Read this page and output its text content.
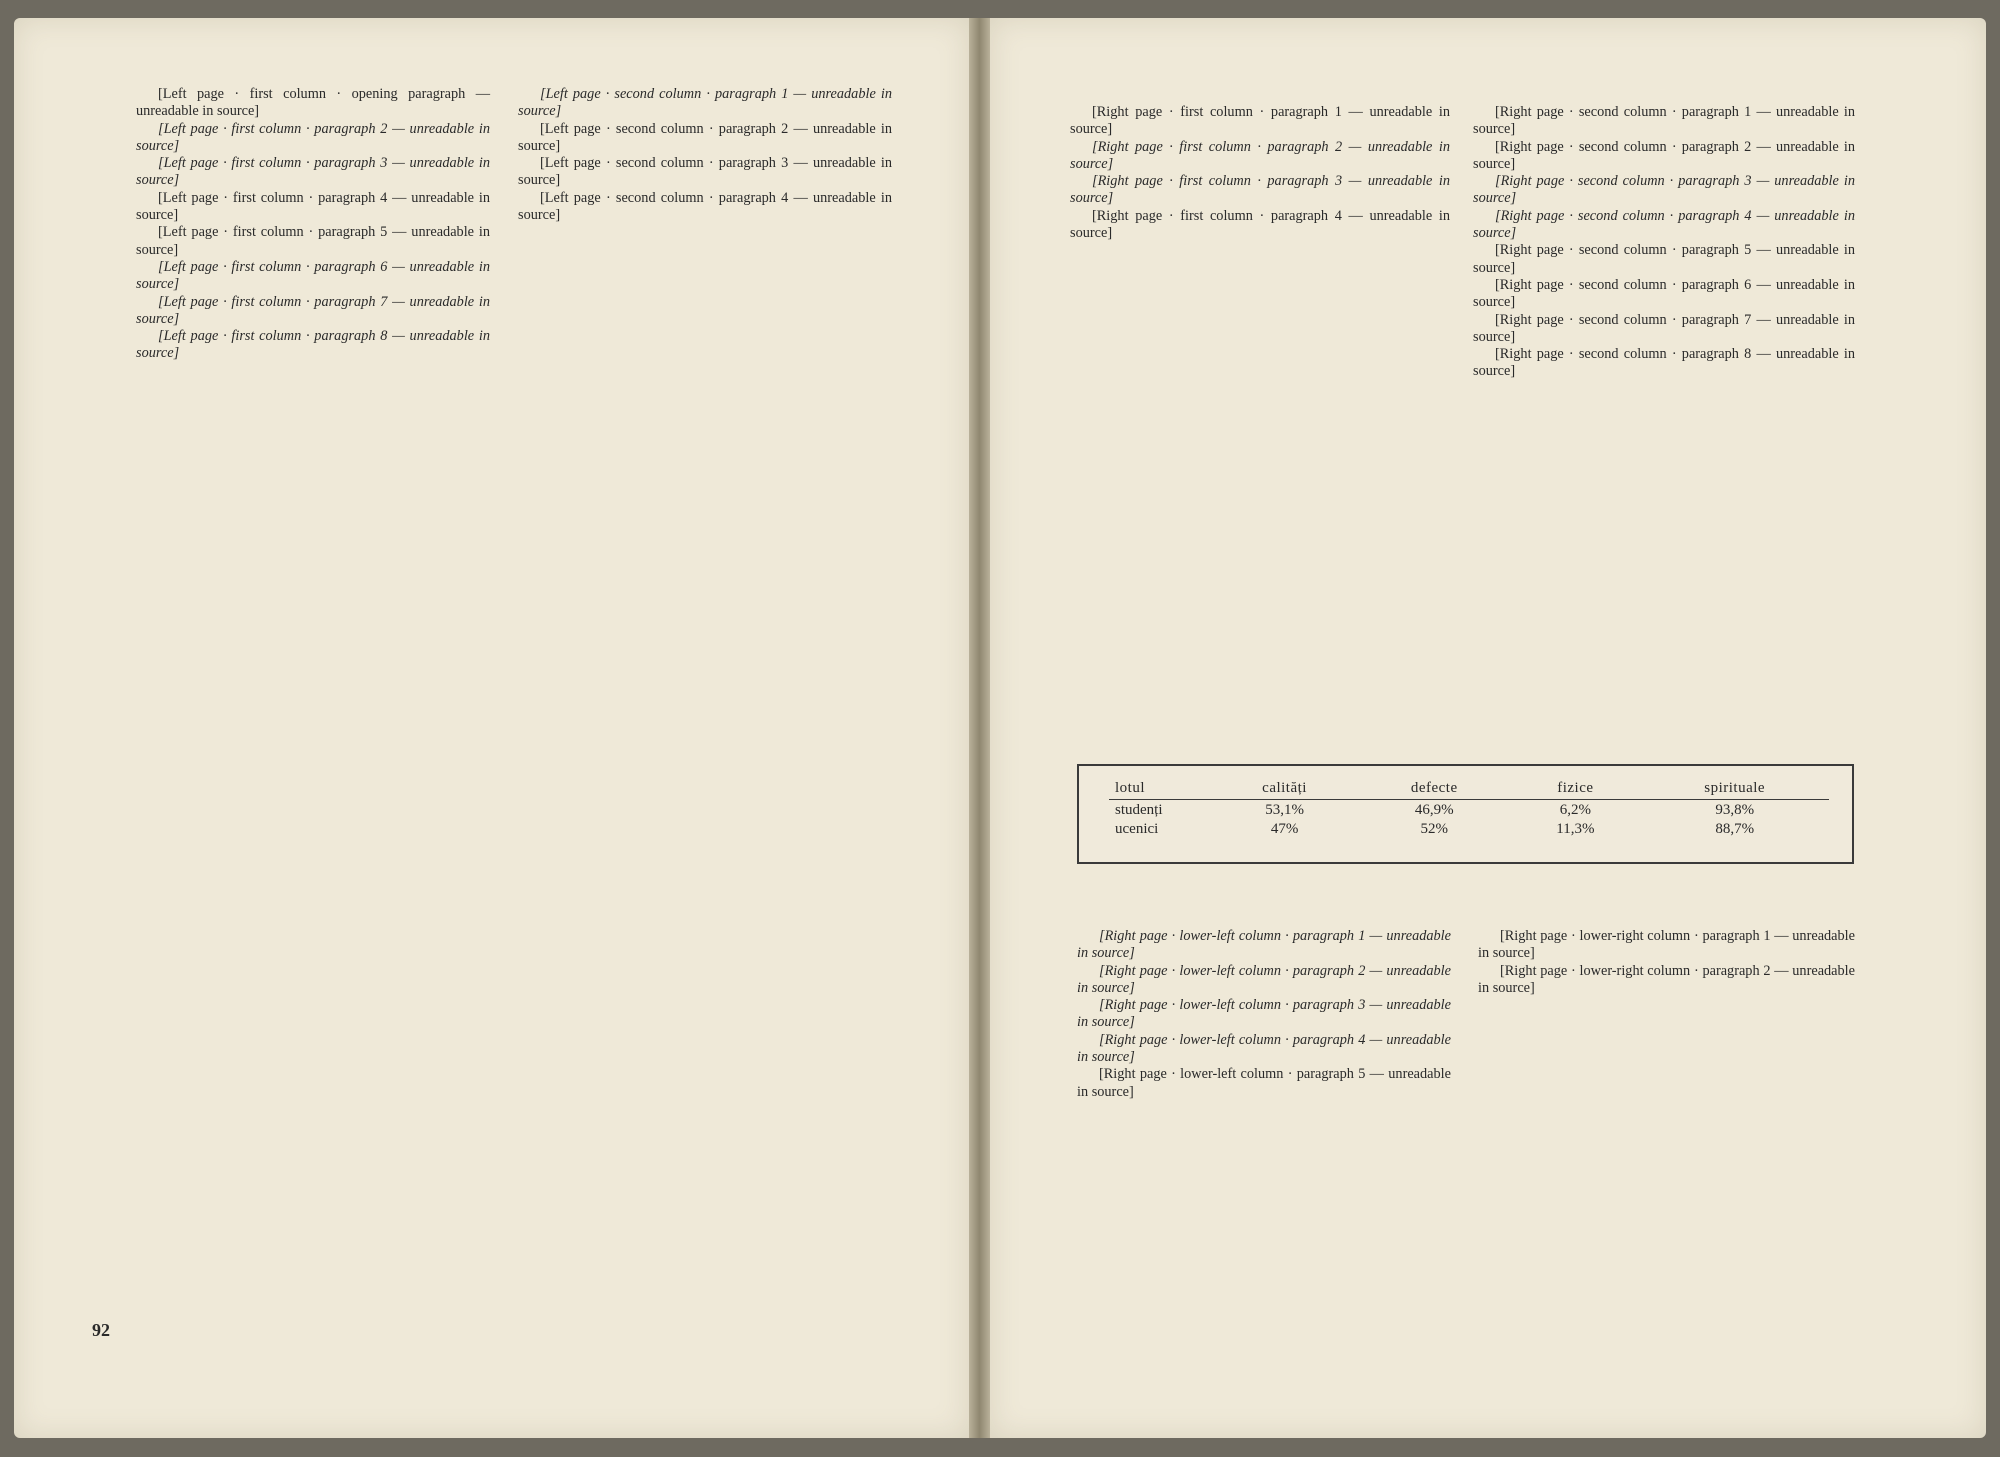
[Left page · first column · opening paragraph — unreadable in source]

[Left page · first column · paragraph 2 — unreadable in source]

[Left page · first column · paragraph 3 — unreadable in source]

[Left page · first column · paragraph 4 — unreadable in source]

[Left page · first column · paragraph 5 — unreadable in source]

[Left page · first column · paragraph 6 — unreadable in source]

[Left page · first column · paragraph 7 — unreadable in source]

[Left page · first column · paragraph 8 — unreadable in source]

[Left page · second column · paragraph 1 — unreadable in source]

[Left page · second column · paragraph 2 — unreadable in source]

[Left page · second column · paragraph 3 — unreadable in source]

[Left page · second column · paragraph 4 — unreadable in source]

92

[Right page · first column · paragraph 1 — unreadable in source]

[Right page · first column · paragraph 2 — unreadable in source]

[Right page · first column · paragraph 3 — unreadable in source]

[Right page · first column · paragraph 4 — unreadable in source]

[Right page · second column · paragraph 1 — unreadable in source]

[Right page · second column · paragraph 2 — unreadable in source]

[Right page · second column · paragraph 3 — unreadable in source]

[Right page · second column · paragraph 4 — unreadable in source]

[Right page · second column · paragraph 5 — unreadable in source]

[Right page · second column · paragraph 6 — unreadable in source]

[Right page · second column · paragraph 7 — unreadable in source]

[Right page · second column · paragraph 8 — unreadable in source]

lotul	calități	defecte	fizice	spirituale
studenți	53,1%	46,9%	6,2%	93,8%
ucenici	47%	52%	11,3%	88,7%

[Right page · lower-left column · paragraph 1 — unreadable in source]

[Right page · lower-left column · paragraph 2 — unreadable in source]

[Right page · lower-left column · paragraph 3 — unreadable in source]

[Right page · lower-left column · paragraph 4 — unreadable in source]

[Right page · lower-left column · paragraph 5 — unreadable in source]

[Right page · lower-right column · paragraph 1 — unreadable in source]

[Right page · lower-right column · paragraph 2 — unreadable in source]
